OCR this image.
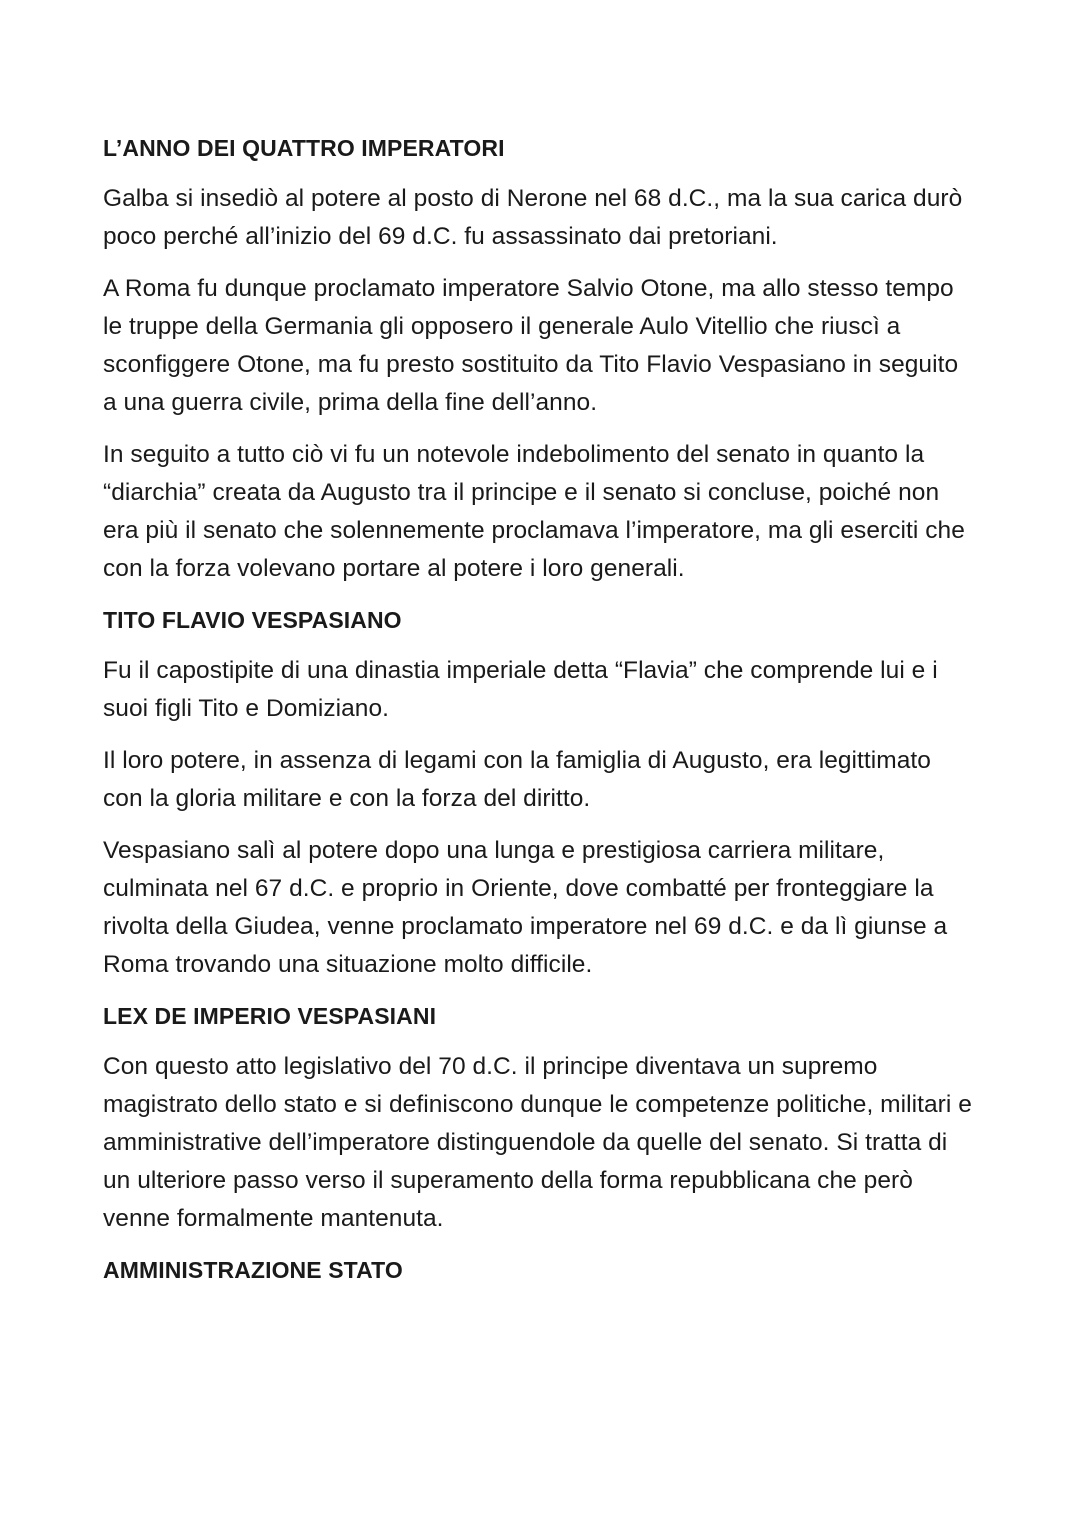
L’ANNO DEI QUATTRO IMPERATORI

Galba si insediò al potere al posto di Nerone nel 68 d.C., ma la sua carica durò poco perché all’inizio del 69 d.C. fu assassinato dai pretoriani.

A Roma fu dunque proclamato imperatore Salvio Otone, ma allo stesso tempo le truppe della Germania gli opposero il generale Aulo Vitellio che riuscì a sconfiggere Otone, ma fu presto sostituito da Tito Flavio Vespasiano in seguito a una guerra civile, prima della fine dell’anno.

In seguito a tutto ciò vi fu un notevole indebolimento del senato in quanto la “diarchia” creata da Augusto tra il principe e il senato si concluse, poiché non era più il senato che solennemente proclamava l’imperatore, ma gli eserciti che con la forza volevano portare al potere i loro generali.

TITO FLAVIO VESPASIANO

Fu il capostipite di una dinastia imperiale detta “Flavia” che comprende lui e i suoi figli Tito e Domiziano.

Il loro potere, in assenza di legami con la famiglia di Augusto, era legittimato con la gloria militare e con la forza del diritto.

Vespasiano salì al potere dopo una lunga e prestigiosa carriera militare, culminata nel 67 d.C. e proprio in Oriente, dove combatté per fronteggiare la rivolta della Giudea, venne proclamato imperatore nel 69 d.C. e da lì giunse a Roma trovando una situazione molto difficile.

LEX DE IMPERIO VESPASIANI

Con questo atto legislativo del 70 d.C. il principe diventava un supremo magistrato dello stato e si definiscono dunque le competenze politiche, militari e amministrative dell’imperatore distinguendole da quelle del senato. Si tratta di un ulteriore passo verso il superamento della forma repubblicana che però venne formalmente mantenuta.

AMMINISTRAZIONE STATO
